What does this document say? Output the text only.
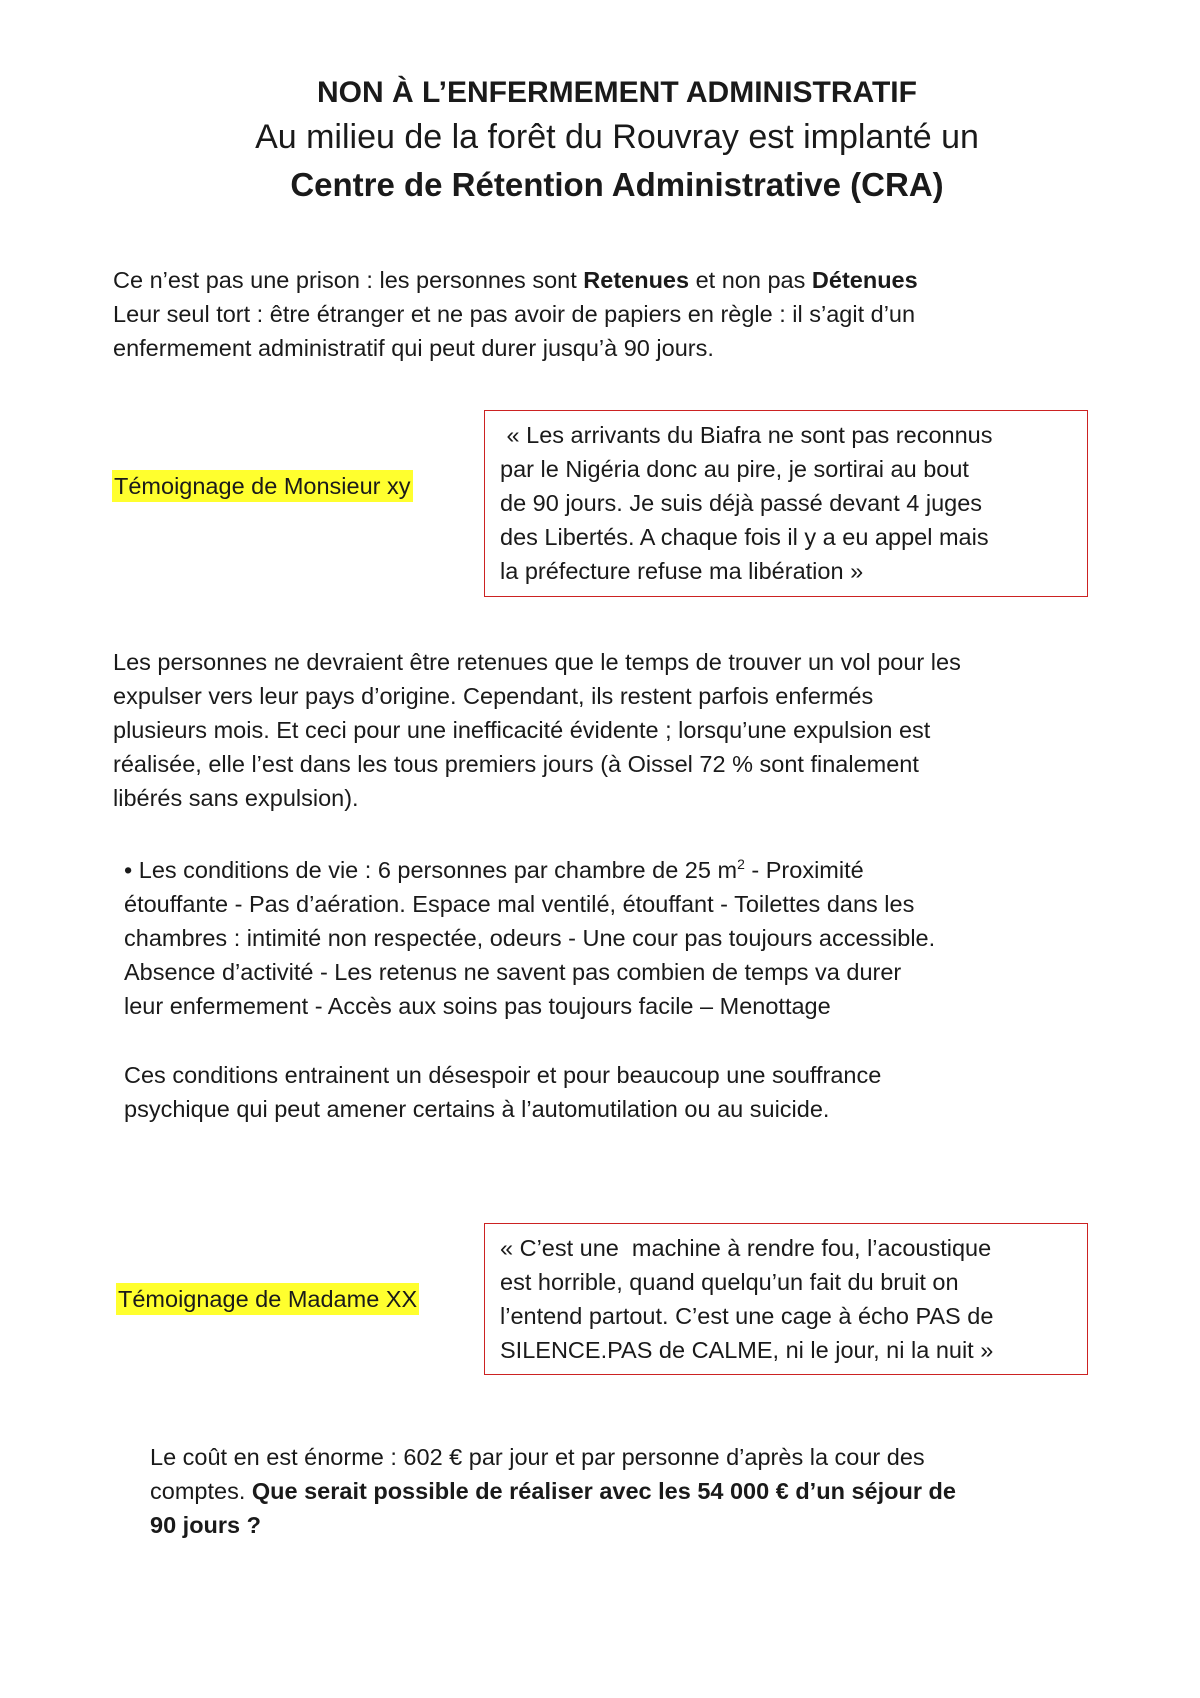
NON À L’ENFERMEMENT ADMINISTRATIF
Au milieu de la forêt du Rouvray est implanté un
Centre de Rétention Administrative (CRA)

Ce n’est pas une prison : les personnes sont Retenues et non pas Détenues

Leur seul tort : être étranger et ne pas avoir de papiers en règle : il s’agit d’un

enfermement administratif qui peut durer jusqu’à 90 jours.

Témoignage de Monsieur xy
« Les arrivants du Biafra ne sont pas reconnus
par le Nigéria donc au pire, je sortirai au bout
de 90 jours. Je suis déjà passé devant 4 juges
des Libertés. A chaque fois il y a eu appel mais
la préfecture refuse ma libération »

Les personnes ne devraient être retenues que le temps de trouver un vol pour les

expulser vers leur pays d’origine. Cependant, ils restent parfois enfermés

plusieurs mois. Et ceci pour une inefficacité évidente ; lorsqu’une expulsion est

réalisée, elle l’est dans les tous premiers jours (à Oissel 72 % sont finalement

libérés sans expulsion).

• Les conditions de vie : 6 personnes par chambre de 25 $m^2$ - Proximité

étouffante - Pas d’aération. Espace mal ventilé, étouffant - Toilettes dans les

chambres : intimité non respectée, odeurs - Une cour pas toujours accessible.

Absence d’activité - Les retenus ne savent pas combien de temps va durer

leur enfermement - Accès aux soins pas toujours facile – Menottage

Ces conditions entrainent un désespoir et pour beaucoup une souffrance

psychique qui peut amener certains à l’automutilation ou au suicide.

Témoignage de Madame XX
« C’est une  machine à rendre fou, l’acoustique
est horrible, quand quelqu’un fait du bruit on
l’entend partout. C’est une cage à écho PAS de
SILENCE.PAS de CALME, ni le jour, ni la nuit »

Le coût en est énorme : 602 € par jour et par personne d’après la cour des

comptes. Que serait possible de réaliser avec les 54 000 € d’un séjour de

90 jours ?
